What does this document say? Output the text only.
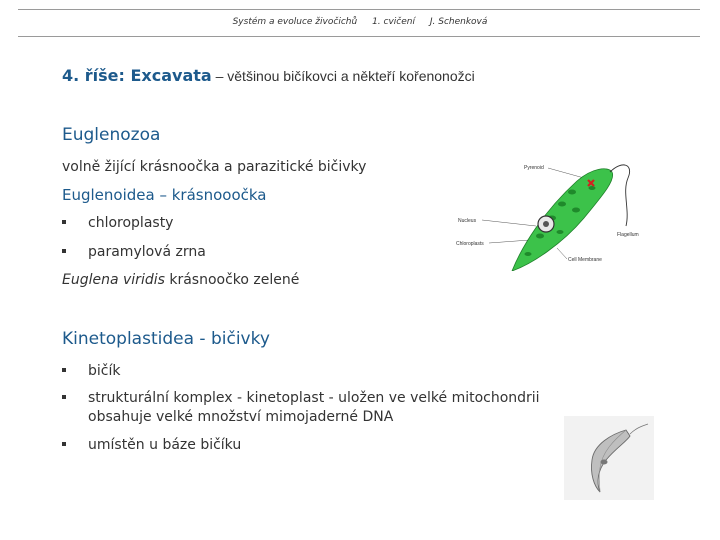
Systém a evoluce živočichů 1. cvičení J. Schenková
4. říše: Excavata – většinou bičíkovci a někteří kořenonožci
Euglenozoa
volně žijící krásnoočka a parazitické bičivky
Euglenoidea – krásnooočka
chloroplasty
paramylová zrna
Euglena viridis krásnoočko zelené
Pyrenoid
Nucleus
Chloroplasts
Flagellum
Cell Membrane
Kinetoplastidea - bičivky
bičík
strukturální komplex - kinetoplast - uložen ve velké mitochondrii
obsahuje velké množství mimojaderné DNA
umístěn u báze bičíku
